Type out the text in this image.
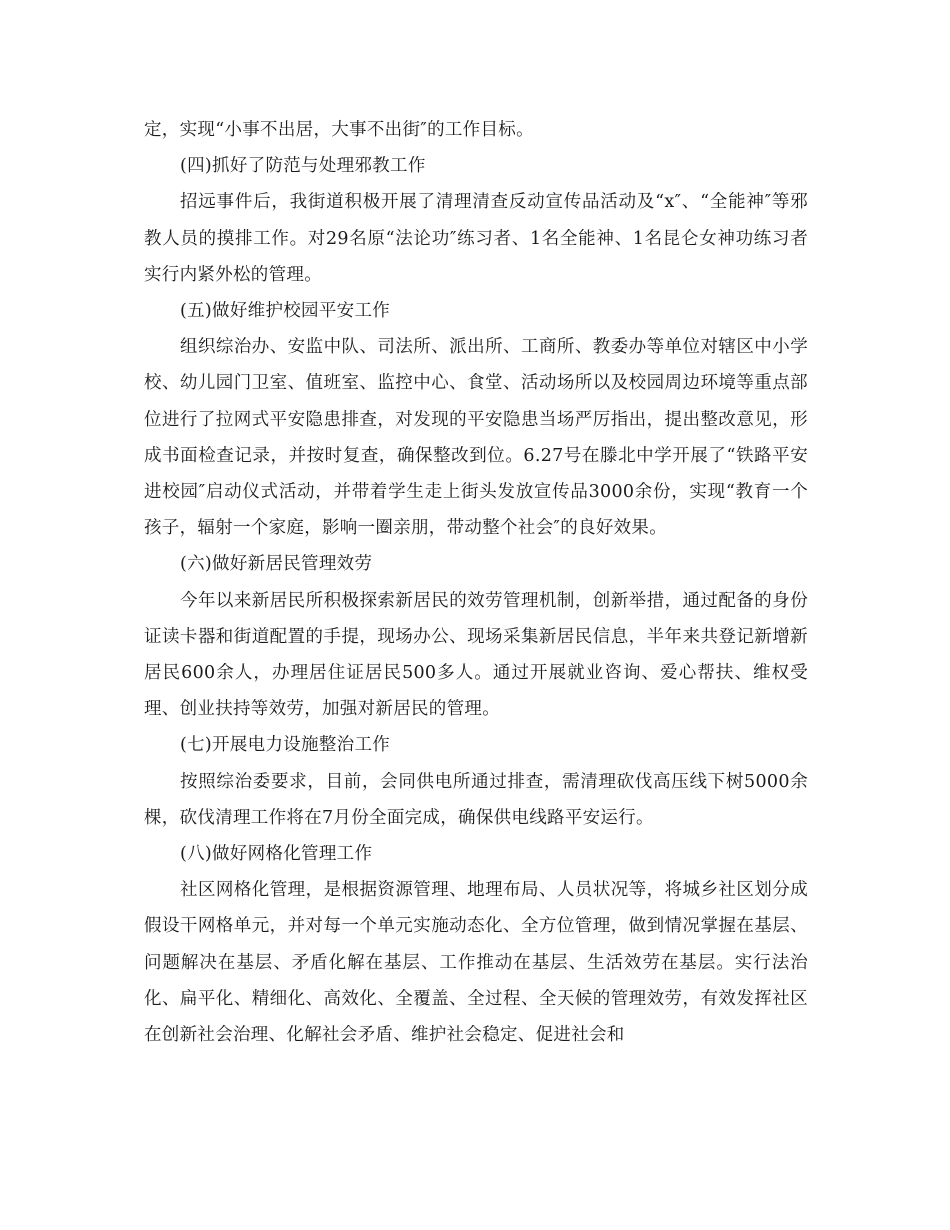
定，实现“小事不出居，大事不出街″的工作目标。

(四)抓好了防范与处理邪教工作

招远事件后，我街道积极开展了清理清查反动宣传品活动及“x″、“全能神″等邪教人员的摸排工作。对29名原“法论功″练习者、1名全能神、1名昆仑女神功练习者实行内紧外松的管理。

(五)做好维护校园平安工作

组织综治办、安监中队、司法所、派出所、工商所、教委办等单位对辖区中小学校、幼儿园门卫室、值班室、监控中心、食堂、活动场所以及校园周边环境等重点部位进行了拉网式平安隐患排查，对发现的平安隐患当场严厉指出，提出整改意见，形成书面检查记录，并按时复查，确保整改到位。6.27号在滕北中学开展了“铁路平安进校园″启动仪式活动，并带着学生走上街头发放宣传品3000余份，实现“教育一个孩子，辐射一个家庭，影响一圈亲朋，带动整个社会″的良好效果。

(六)做好新居民管理效劳

今年以来新居民所积极探索新居民的效劳管理机制，创新举措，通过配备的身份证读卡器和街道配置的手提，现场办公、现场采集新居民信息，半年来共登记新增新居民600余人，办理居住证居民500多人。通过开展就业咨询、爱心帮扶、维权受理、创业扶持等效劳，加强对新居民的管理。

(七)开展电力设施整治工作

按照综治委要求，目前，会同供电所通过排查，需清理砍伐高压线下树5000余棵，砍伐清理工作将在7月份全面完成，确保供电线路平安运行。

(八)做好网格化管理工作

社区网格化管理，是根据资源管理、地理布局、人员状况等，将城乡社区划分成假设干网格单元，并对每一个单元实施动态化、全方位管理，做到情况掌握在基层、问题解决在基层、矛盾化解在基层、工作推动在基层、生活效劳在基层。实行法治化、扁平化、精细化、高效化、全覆盖、全过程、全天候的管理效劳，有效发挥社区在创新社会治理、化解社会矛盾、维护社会稳定、促进社会和
